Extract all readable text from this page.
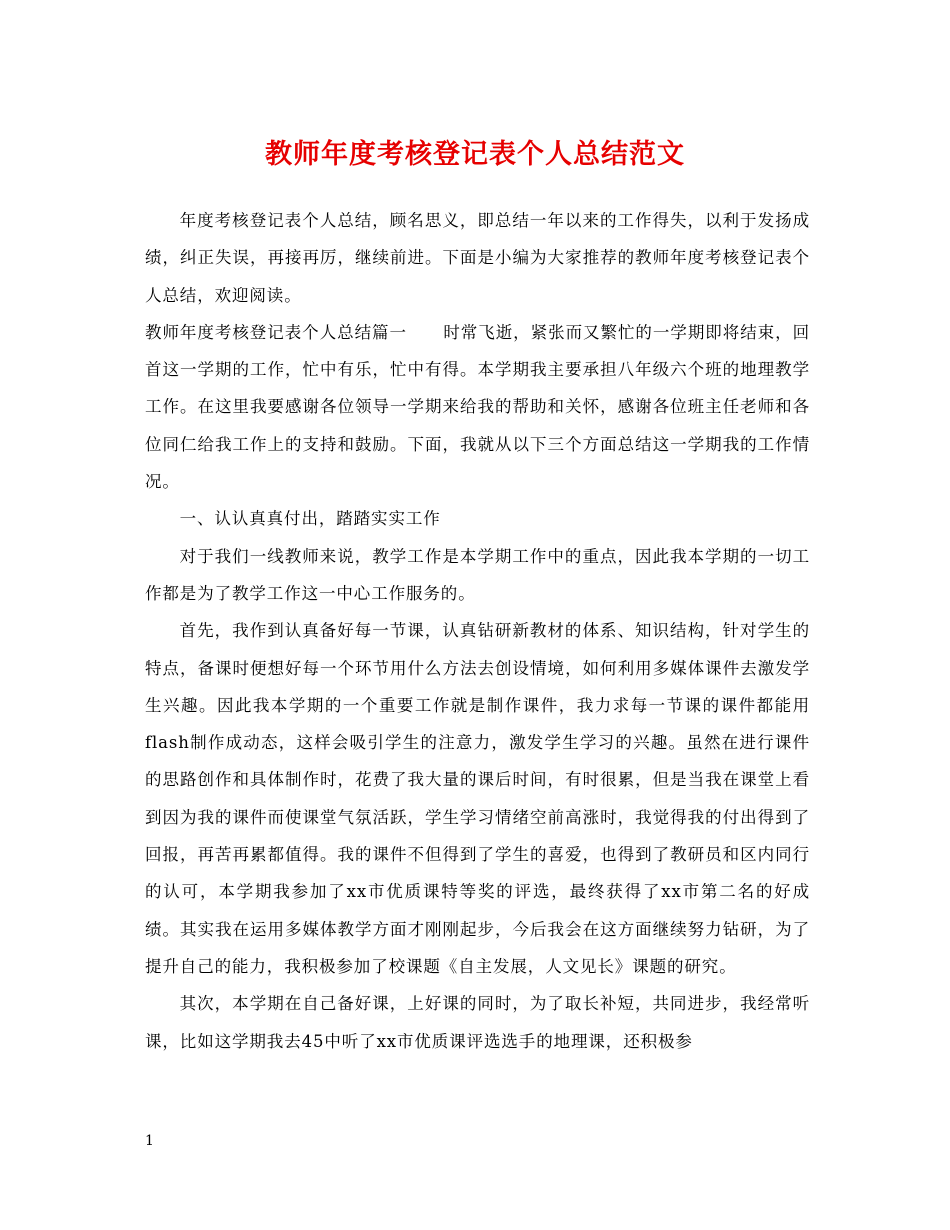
教师年度考核登记表个人总结范文

年度考核登记表个人总结，顾名思义，即总结一年以来的工作得失，以利于发扬成绩，纠正失误，再接再厉，继续前进。下面是小编为大家推荐的教师年度考核登记表个人总结，欢迎阅读。

教师年度考核登记表个人总结篇一 时常飞逝，紧张而又繁忙的一学期即将结束，回首这一学期的工作，忙中有乐，忙中有得。本学期我主要承担八年级六个班的地理教学工作。在这里我要感谢各位领导一学期来给我的帮助和关怀，感谢各位班主任老师和各位同仁给我工作上的支持和鼓励。下面，我就从以下三个方面总结这一学期我的工作情况。

一、认认真真付出，踏踏实实工作

对于我们一线教师来说，教学工作是本学期工作中的重点，因此我本学期的一切工作都是为了教学工作这一中心工作服务的。

首先，我作到认真备好每一节课，认真钻研新教材的体系、知识结构，针对学生的特点，备课时便想好每一个环节用什么方法去创设情境，如何利用多媒体课件去激发学生兴趣。因此我本学期的一个重要工作就是制作课件，我力求每一节课的课件都能用flash制作成动态，这样会吸引学生的注意力，激发学生学习的兴趣。虽然在进行课件的思路创作和具体制作时，花费了我大量的课后时间，有时很累，但是当我在课堂上看到因为我的课件而使课堂气氛活跃，学生学习情绪空前高涨时，我觉得我的付出得到了回报，再苦再累都值得。我的课件不但得到了学生的喜爱，也得到了教研员和区内同行的认可，本学期我参加了xx市优质课特等奖的评选，最终获得了xx市第二名的好成绩。其实我在运用多媒体教学方面才刚刚起步，今后我会在这方面继续努力钻研，为了提升自己的能力，我积极参加了校课题《自主发展，人文见长》课题的研究。

其次，本学期在自己备好课，上好课的同时，为了取长补短，共同进步，我经常听课，比如这学期我去45中听了xx市优质课评选选手的地理课，还积极参

1
